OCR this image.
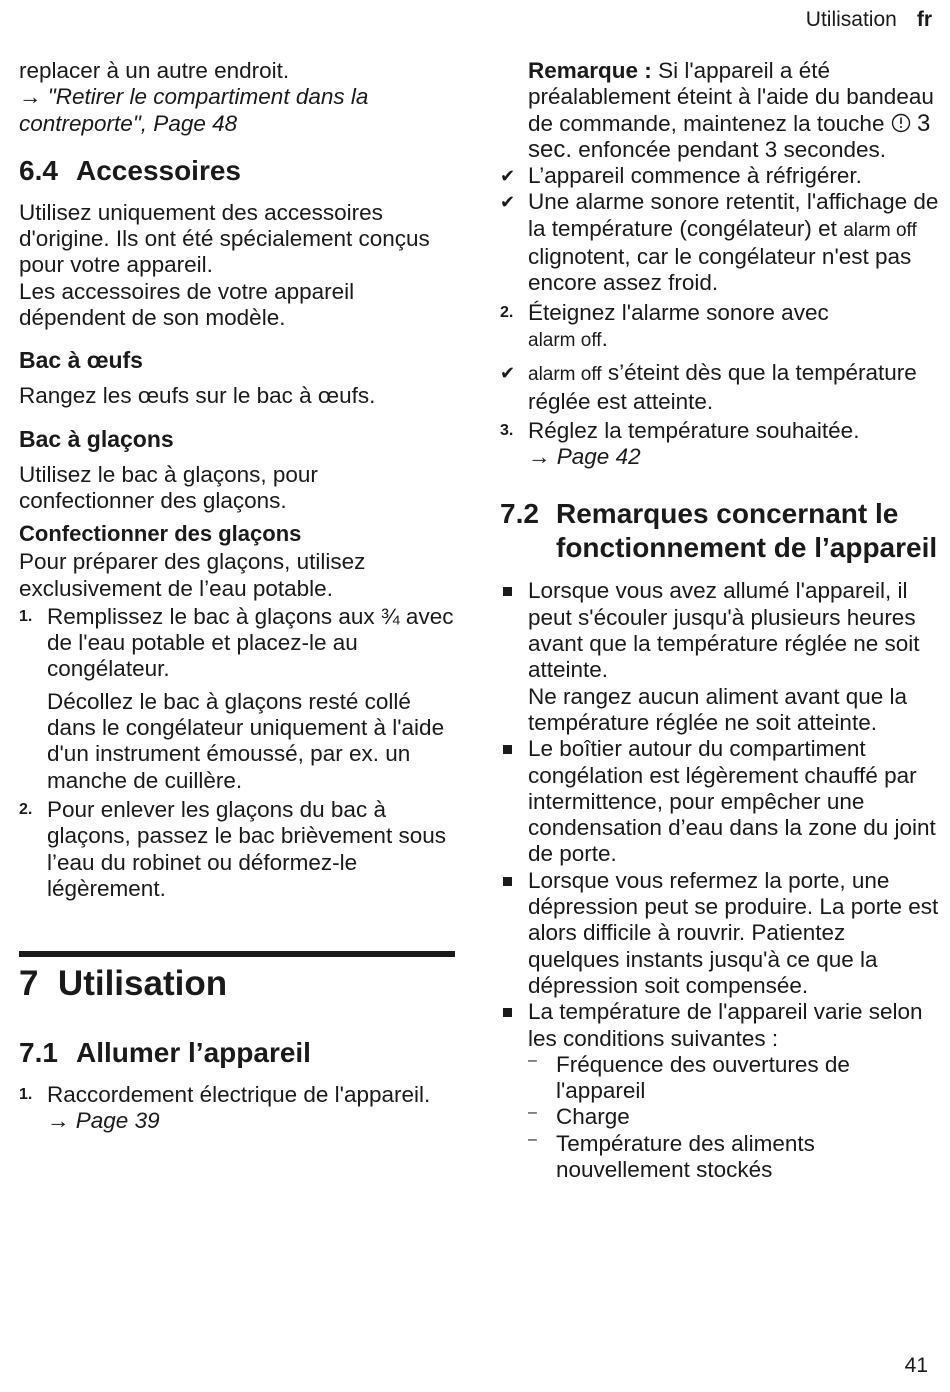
Utilisation fr

replacer à un autre endroit.

→ "Retirer le compartiment dans la contreporte", Page 48

6.4 Accessoires

Utilisez uniquement des accessoires d'origine. Ils ont été spécialement conçus pour votre appareil.

Les accessoires de votre appareil dépendent de son modèle.

Bac à œufs

Rangez les œufs sur le bac à œufs.

Bac à glaçons

Utilisez le bac à glaçons, pour confectionner des glaçons.

Confectionner des glaçons

Pour préparer des glaçons, utilisez exclusivement de l’eau potable.

1. Remplissez le bac à glaçons aux ¾ avec de l'eau potable et placez-le au congélateur.

Décollez le bac à glaçons resté collé dans le congélateur uniquement à l'aide d'un instrument émoussé, par ex. un manche de cuillère.

2. Pour enlever les glaçons du bac à glaçons, passez le bac brièvement sous l’eau du robinet ou déformez-le légèrement.

7 Utilisation
7.1 Allumer l’appareil
1. Raccordement électrique de l'appareil. → Page 39

Remarque : Si l'appareil a été préalablement éteint à l'aide du bandeau de commande, maintenez la touche 3 sec. enfoncée pendant 3 secondes.

✔ L’appareil commence à réfrigérer.

✔ Une alarme sonore retentit, l'affichage de la température (congélateur) et alarm off clignotent, car le congélateur n'est pas encore assez froid.

2. Éteignez l'alarme sonore avec
alarm off.

✔ alarm off s’éteint dès que la température réglée est atteinte.

3. Réglez la température souhaitée.

→ Page 42

7.2 Remarques concernant le fonctionnement de l’appareil

Lorsque vous avez allumé l'appareil, il peut s'écouler jusqu'à plusieurs heures avant que la température réglée ne soit atteinte.

Ne rangez aucun aliment avant que la température réglée ne soit atteinte.

Le boîtier autour du compartiment congélation est légèrement chauffé par intermittence, pour empêcher une condensation d’eau dans la zone du joint de porte.

Lorsque vous refermez la porte, une dépression peut se produire. La porte est alors difficile à rouvrir. Patientez quelques instants jusqu'à ce que la dépression soit compensée.

La température de l'appareil varie selon les conditions suivantes :

– Fréquence des ouvertures de l'appareil

– Charge

– Température des aliments nouvellement stockés

41
